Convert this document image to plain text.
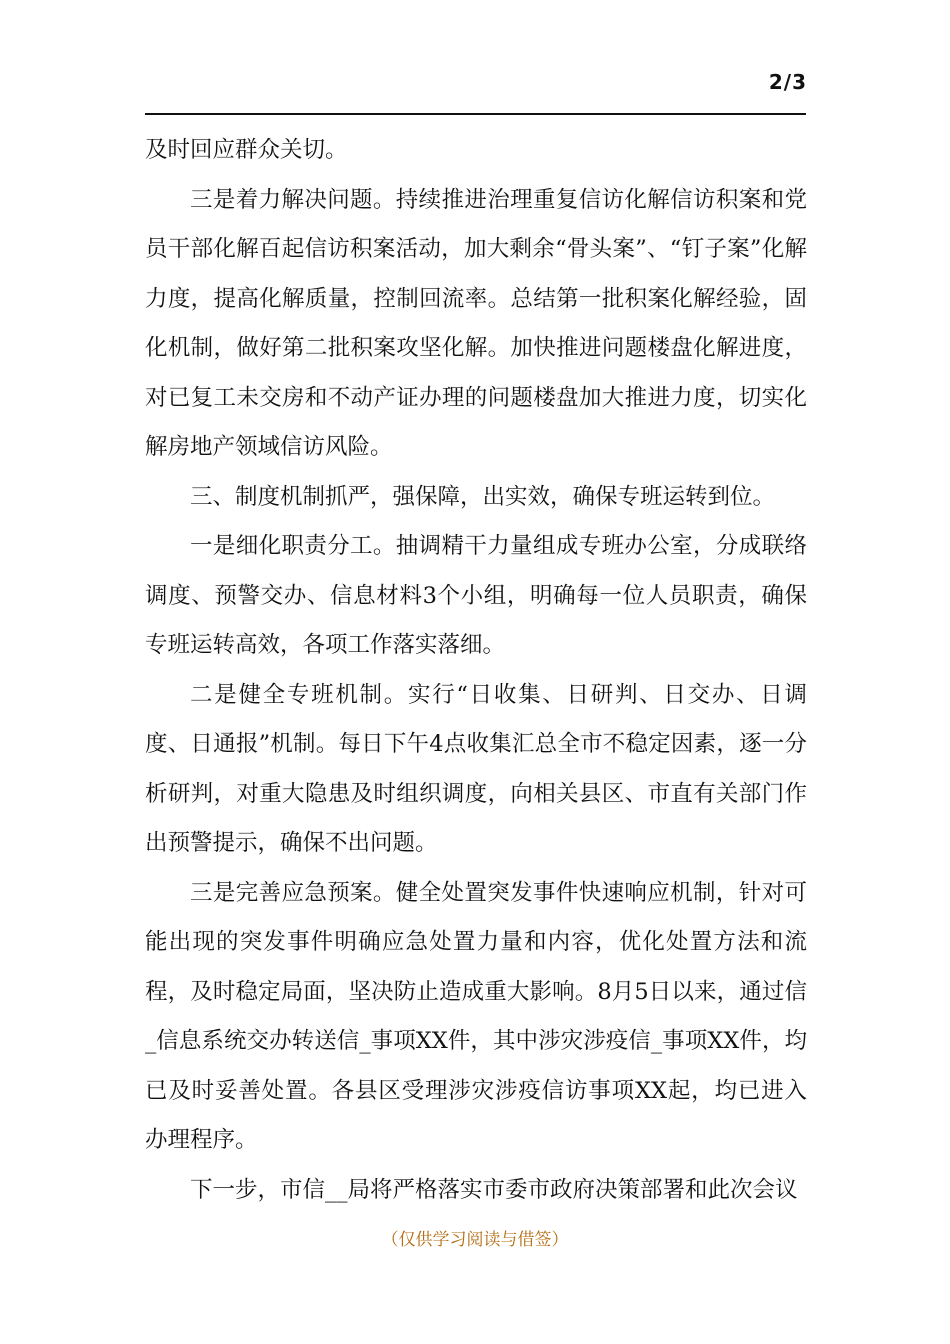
2/3

及时回应群众关切。

三是着力解决问题。持续推进治理重复信访化解信访积案和党员干部化解百起信访积案活动，加大剩余“骨头案”、“钉子案”化解力度，提高化解质量，控制回流率。总结第一批积案化解经验，固化机制，做好第二批积案攻坚化解。加快推进问题楼盘化解进度，对已复工未交房和不动产证办理的问题楼盘加大推进力度，切实化解房地产领域信访风险。

三、制度机制抓严，强保障，出实效，确保专班运转到位。

一是细化职责分工。抽调精干力量组成专班办公室，分成联络调度、预警交办、信息材料3个小组，明确每一位人员职责，确保专班运转高效，各项工作落实落细。

二是健全专班机制。实行“日收集、日研判、日交办、日调度、日通报”机制。每日下午4点收集汇总全市不稳定因素，逐一分析研判，对重大隐患及时组织调度，向相关县区、市直有关部门作出预警提示，确保不出问题。

三是完善应急预案。健全处置突发事件快速响应机制，针对可能出现的突发事件明确应急处置力量和内容，优化处置方法和流程，及时稳定局面，坚决防止造成重大影响。8月5日以来，通过信_信息系统交办转送信_事项XX件，其中涉灾涉疫信_事项XX件，均已及时妥善处置。各县区受理涉灾涉疫信访事项XX起，均已进入办理程序。

下一步，市信__局将严格落实市委市政府决策部署和此次会议

（仅供学习阅读与借签）
